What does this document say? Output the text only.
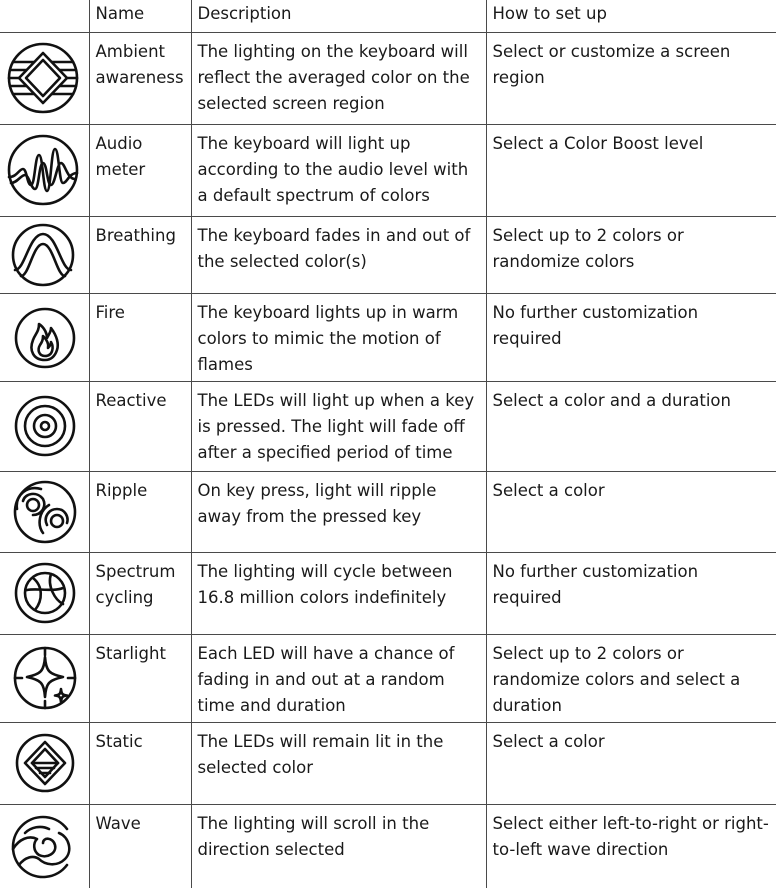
	Name	Description	How to set up

	Ambient awareness	The lighting on the keyboard will reflect the averaged color on the selected screen region	Select or customize a screen region

	Audio meter	The keyboard will light up according to the audio level with a default spectrum of colors	Select a Color Boost level

	Breathing	The keyboard fades in and out of the selected color(s)	Select up to 2 colors or randomize colors

	Fire	The keyboard lights up in warm colors to mimic the motion of flames	No further customization required

	Reactive	The LEDs will light up when a key is pressed. The light will fade off after a specified period of time	Select a color and a duration

	Ripple	On key press, light will ripple away from the pressed key	Select a color

	Spectrum cycling	The lighting will cycle between 16.8 million colors indefinitely	No further customization required

	Starlight	Each LED will have a chance of fading in and out at a random time and duration	Select up to 2 colors or randomize colors and select a duration

	Static	The LEDs will remain lit in the selected color	Select a color

	Wave	The lighting will scroll in the direction selected	Select either left-to-right or right-to-left wave direction
